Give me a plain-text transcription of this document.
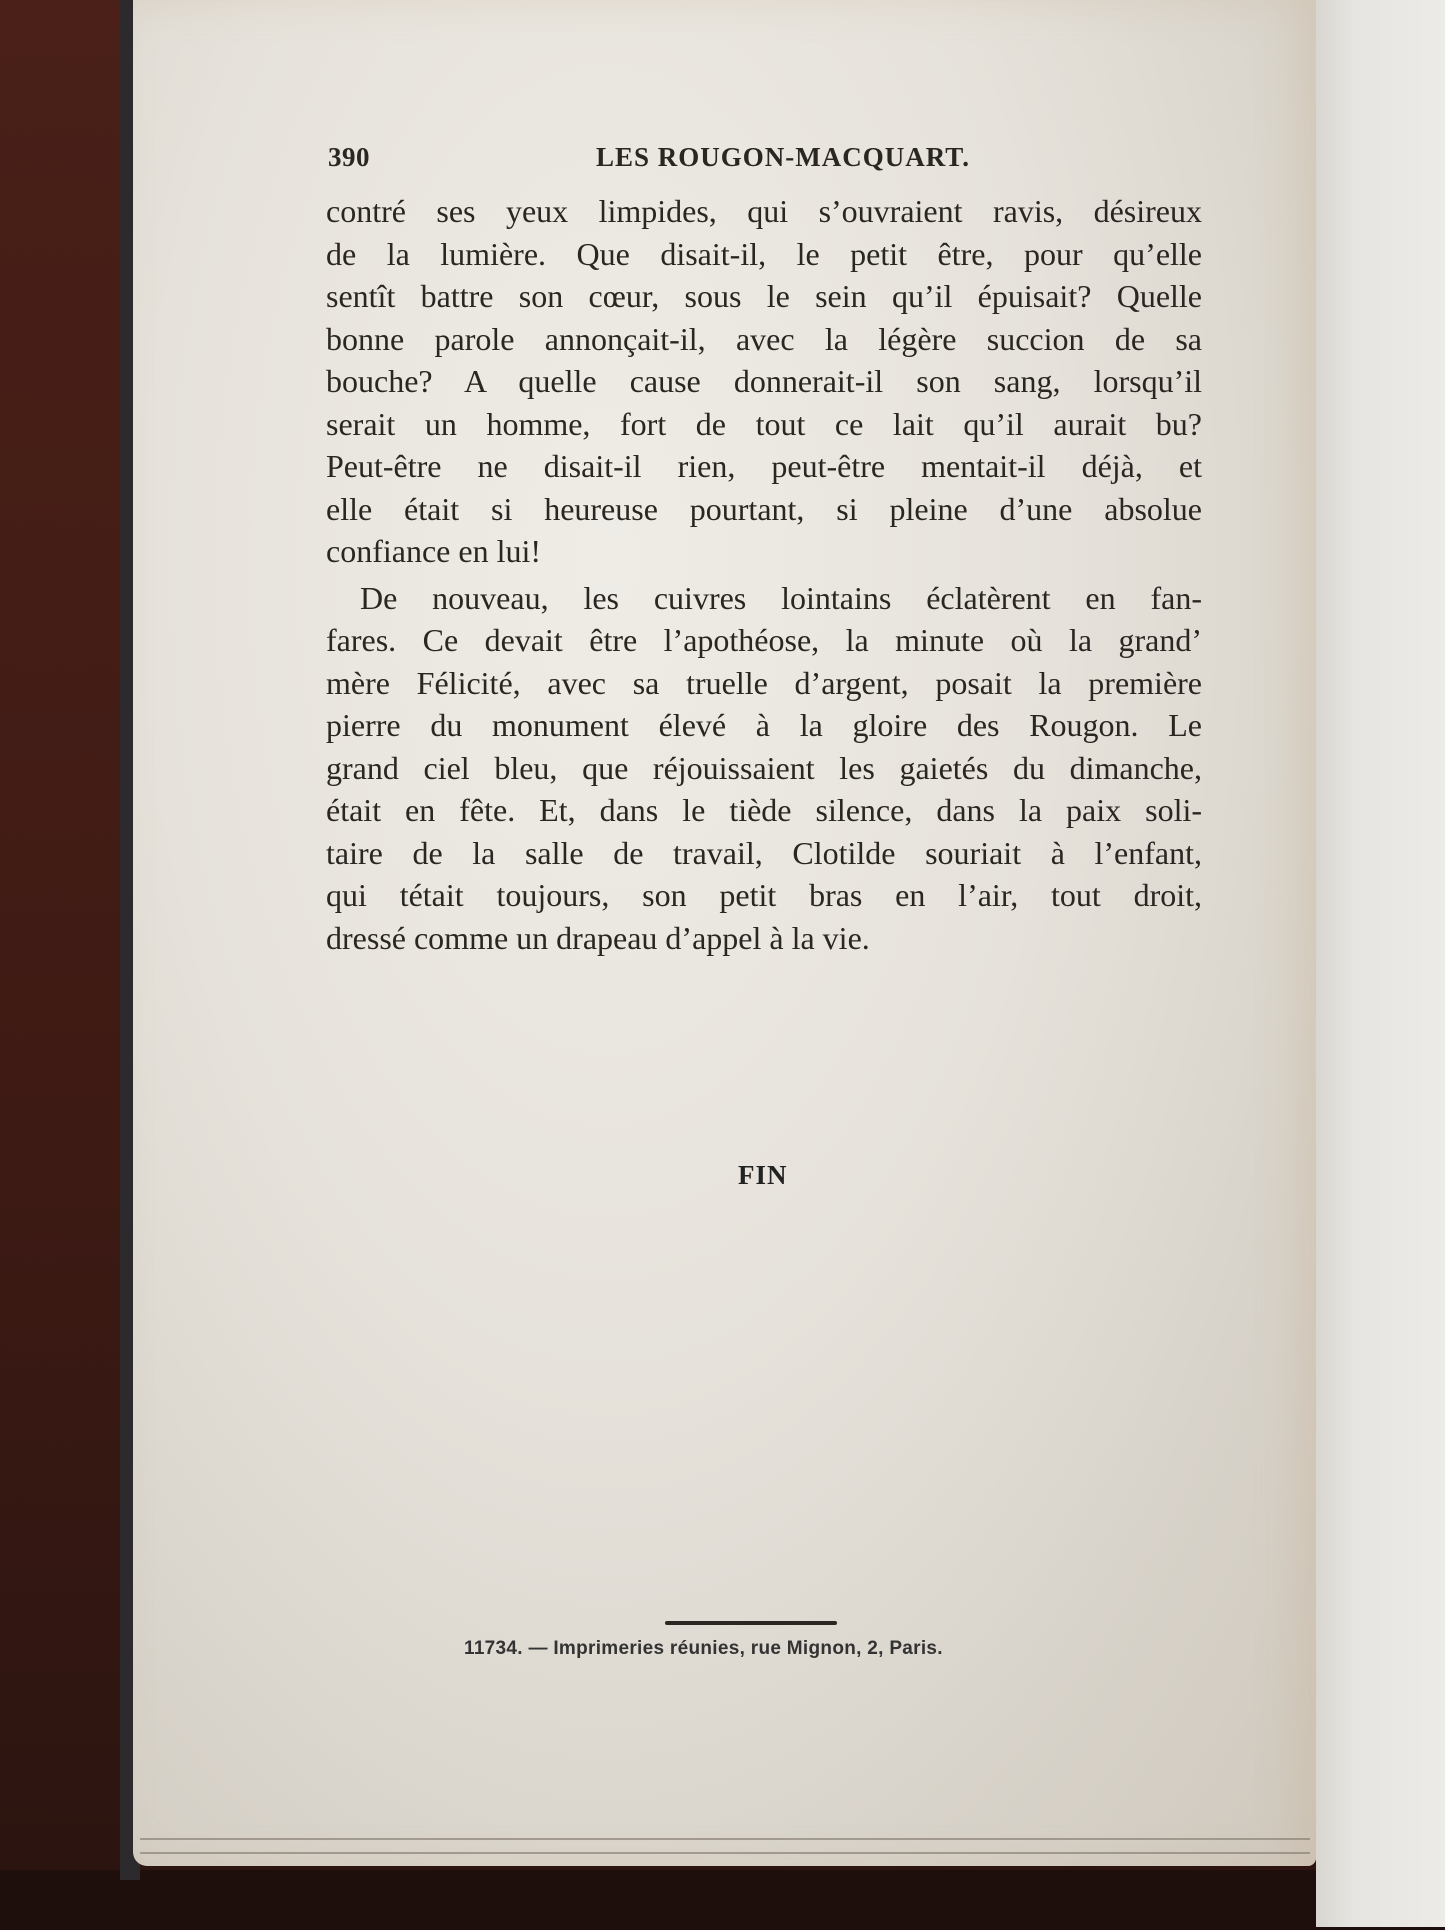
390	LES ROUGON-MACQUART.

contré ses yeux limpides, qui s’ouvraient ravis, désireux
de la lumière. Que disait-il, le petit être, pour qu’elle
sentît battre son cœur, sous le sein qu’il épuisait? Quelle
bonne parole annonçait-il, avec la légère succion de sa
bouche? A quelle cause donnerait-il son sang, lorsqu’il
serait un homme, fort de tout ce lait qu’il aurait bu?
Peut-être ne disait-il rien, peut-être mentait-il déjà, et
elle était si heureuse pourtant, si pleine d’une absolue
confiance en lui!

De nouveau, les cuivres lointains éclatèrent en fan-
fares. Ce devait être l’apothéose, la minute où la grand’
mère Félicité, avec sa truelle d’argent, posait la première
pierre du monument élevé à la gloire des Rougon. Le
grand ciel bleu, que réjouissaient les gaietés du dimanche,
était en fête. Et, dans le tiède silence, dans la paix soli-
taire de la salle de travail, Clotilde souriait à l’enfant,
qui tétait toujours, son petit bras en l’air, tout droit,
dressé comme un drapeau d’appel à la vie.

FIN
11734. — Imprimeries réunies, rue Mignon, 2, Paris.
